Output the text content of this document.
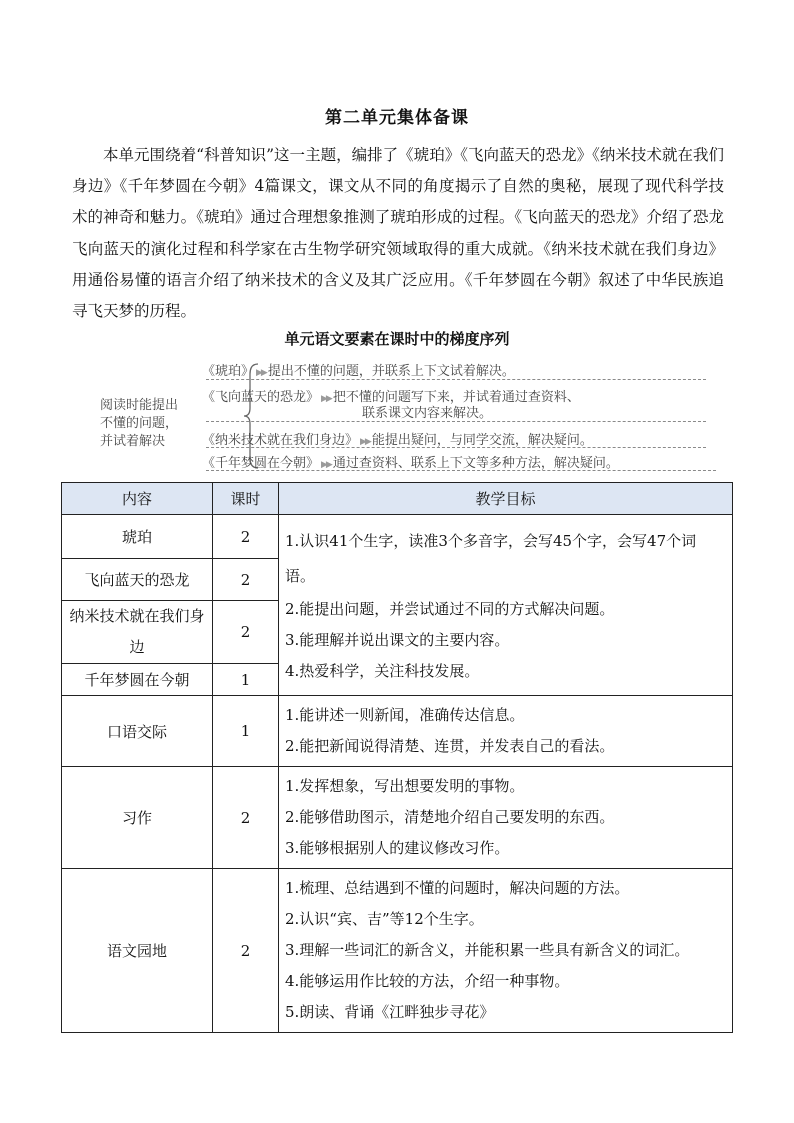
第二单元集体备课
本单元围绕着“科普知识”这一主题，编排了《琥珀》《飞向蓝天的恐龙》《纳米技术就在我们身边》《千年梦圆在今朝》4篇课文，课文从不同的角度揭示了自然的奥秘，展现了现代科学技术的神奇和魅力。《琥珀》通过合理想象推测了琥珀形成的过程。《飞向蓝天的恐龙》介绍了恐龙飞向蓝天的演化过程和科学家在古生物学研究领域取得的重大成就。《纳米技术就在我们身边》用通俗易懂的语言介绍了纳米技术的含义及其广泛应用。《千年梦圆在今朝》叙述了中华民族追寻飞天梦的历程。
单元语文要素在课时中的梯度序列
阅读时能提出
不懂的问题，
并试着解决
《琥珀》 ▶▶ 提出不懂的问题，并联系上下文试着解决。
《飞向蓝天的恐龙》 ▶▶ 把不懂的问题写下来，并试着通过查资料、
联系课文内容来解决。
《纳米技术就在我们身边》 ▶▶ 能提出疑问，与同学交流，解决疑问。
《千年梦圆在今朝》 ▶▶ 通过查资料、联系上下文等多种方法，解决疑问。
内容	课时	教学目标
琥珀	2	1.认识41个生字，读准3个多音字，会写45个字，会写47个词语。
2.能提出问题，并尝试通过不同的方式解决问题。
3.能理解并说出课文的主要内容。
4.热爱科学，关注科技发展。

飞向蓝天的恐龙	2	
纳米技术就在我们身边	2	
千年梦圆在今朝	1	
口语交际	1	1.能讲述一则新闻，准确传达信息。
2.能把新闻说得清楚、连贯，并发表自己的看法。

习作	2	1.发挥想象，写出想要发明的事物。
2.能够借助图示，清楚地介绍自己要发明的东西。
3.能够根据别人的建议修改习作。

语文园地	2	1.梳理、总结遇到不懂的问题时，解决问题的方法。
2.认识“宾、吉”等12个生字。
3.理解一些词汇的新含义，并能积累一些具有新含义的词汇。
4.能够运用作比较的方法，介绍一种事物。
5.朗读、背诵《江畔独步寻花》
